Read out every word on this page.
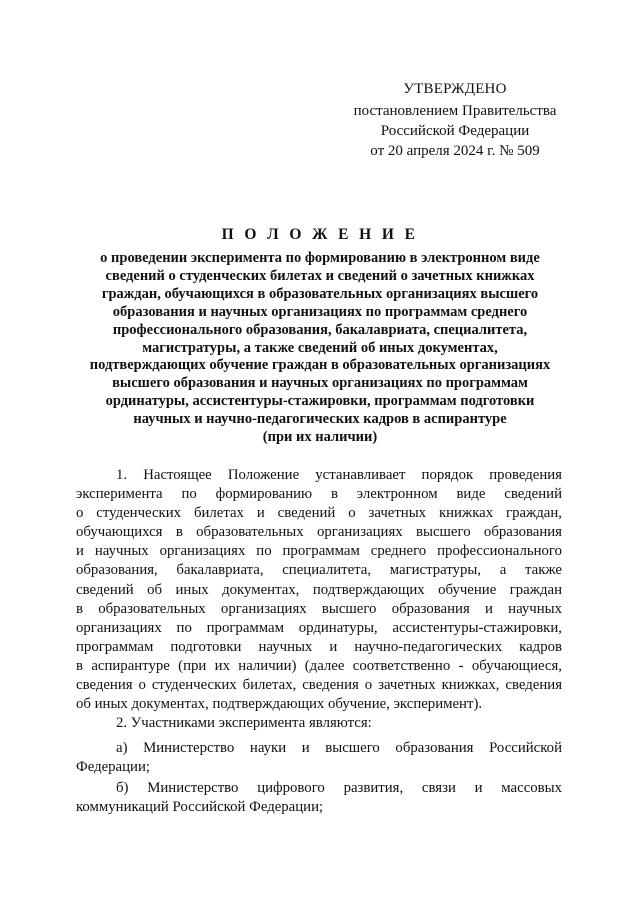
УТВЕРЖДЕНО
постановлением Правительства
Российской Федерации
от 20 апреля 2024 г. № 509
П О Л О Ж Е Н И Е
о проведении эксперимента по формированию в электронном виде
сведений о студенческих билетах и сведений о зачетных книжках
граждан, обучающихся в образовательных организациях высшего
образования и научных организациях по программам среднего
профессионального образования, бакалавриата, специалитета,
магистратуры, а также сведений об иных документах,
подтверждающих обучение граждан в образовательных организациях
высшего образования и научных организациях по программам
ординатуры, ассистентуры-стажировки, программам подготовки
научных и научно-педагогических кадров в аспирантуре
(при их наличии)
1. Настоящее Положение устанавливает порядок проведения
эксперимента по формированию в электронном виде сведений
о студенческих билетах и сведений о зачетных книжках граждан,
обучающихся в образовательных организациях высшего образования
и научных организациях по программам среднего профессионального
образования, бакалавриата, специалитета, магистратуры, а также
сведений об иных документах, подтверждающих обучение граждан
в образовательных организациях высшего образования и научных
организациях по программам ординатуры, ассистентуры-стажировки,
программам подготовки научных и научно-педагогических кадров
в аспирантуре (при их наличии) (далее соответственно - обучающиеся,
сведения о студенческих билетах, сведения о зачетных книжках, сведения
об иных документах, подтверждающих обучение, эксперимент).
2. Участниками эксперимента являются:
а) Министерство науки и высшего образования Российской
Федерации;
б) Министерство цифрового развития, связи и массовых
коммуникаций Российской Федерации;
